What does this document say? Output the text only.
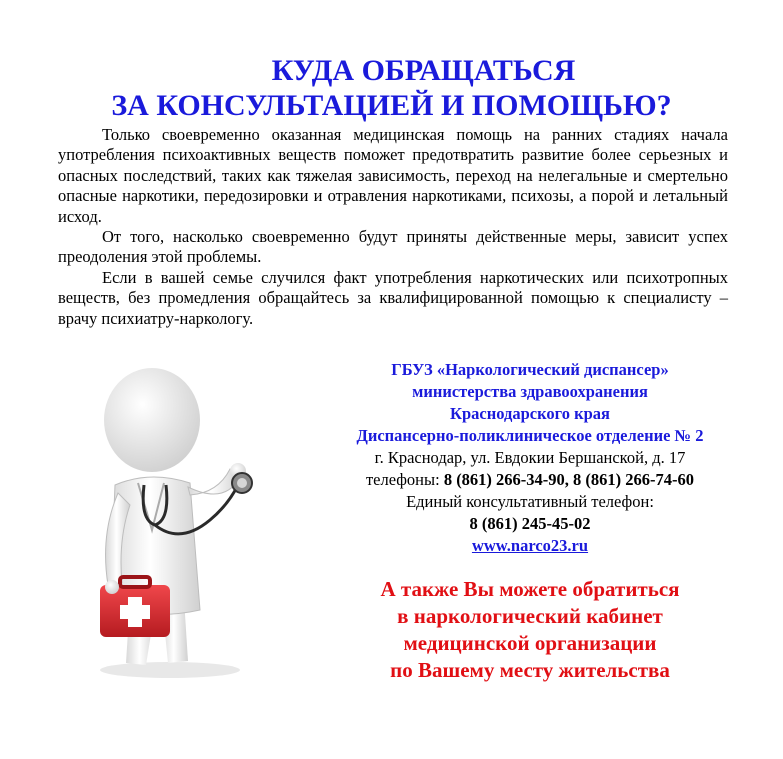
КУДА ОБРАЩАТЬСЯ
ЗА КОНСУЛЬТАЦИЕЙ И ПОМОЩЬЮ?

Только своевременно оказанная медицинская помощь на ранних стадиях начала употребления психоактивных веществ поможет предотвратить развитие более серьезных и опасных последствий, таких как тяжелая зависимость, переход на нелегальные и смертельно опасные наркотики, передозировки и отравления наркотиками, психозы, а порой и летальный исход.

От того, насколько своевременно будут приняты действенные меры, зависит успех преодоления этой проблемы.

Если в вашей семье случился факт употребления наркотических или психотропных веществ, без промедления обращайтесь за квалифицированной помощью к специалисту – врачу психиатру-наркологу.

ГБУЗ «Наркологический диспансер»
министерства здравоохранения
Краснодарского края
Диспансерно-поликлиническое отделение № 2
г. Краснодар, ул. Евдокии Бершанской, д. 17
телефоны: 8 (861) 266-34-90, 8 (861) 266-74-60
Единый консультативный телефон:
8 (861) 245-45-02
www.narco23.ru
А также Вы можете обратиться
в наркологический кабинет
медицинской организации
по Вашему месту жительства
